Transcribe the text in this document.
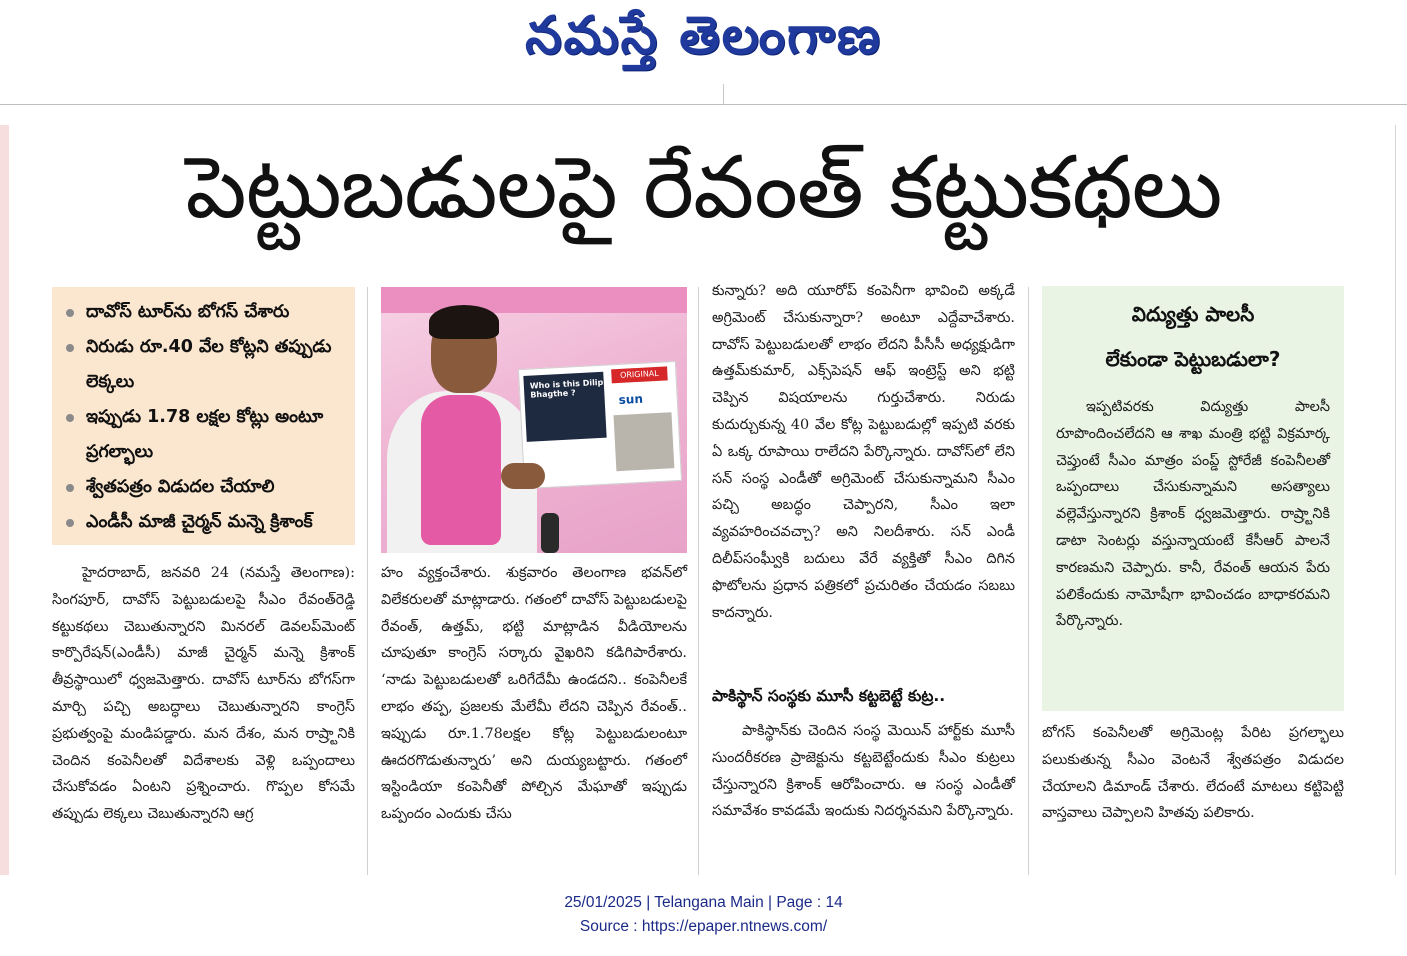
నమస్తే తెలంగాణ
పెట్టుబడులపై రేవంత్ కట్టుకథలు
దావోస్ టూర్‌ను బోగస్ చేశారు
నిరుడు రూ.40 వేల కోట్లని తప్పుడు లెక్కలు
ఇప్పుడు 1.78 లక్షల కోట్లు అంటూ ప్రగల్భాలు
శ్వేతపత్రం విడుదల చేయాలి
ఎండీసీ మాజీ చైర్మన్ మన్నె క్రిశాంక్

హైదరాబాద్, జనవరి 24 (నమస్తే తెలంగాణ): సింగపూర్, దావోస్ పెట్టుబడులపై సీఎం రేవంత్‌రెడ్డి కట్టుకథలు చెబుతున్నారని మినరల్ డెవలప్‌మెంట్ కార్పొరేషన్(ఎండీసీ) మాజీ చైర్మన్ మన్నె క్రిశాంక్ తీవ్రస్థాయిలో ధ్వజమెత్తారు. దావోస్ టూర్‌ను బోగస్‌గా మార్చి పచ్చి అబద్ధాలు చెబుతున్నారని కాంగ్రెస్ ప్రభుత్వంపై మండిపడ్డారు. మన దేశం, మన రాష్ర్టానికి చెందిన కంపెనీలతో విదేశాలకు వెళ్లి ఒప్పందాలు చేసుకోవడం ఏంటని ప్రశ్నించారు. గొప్పల కోసమే తప్పుడు లెక్కలు చెబుతున్నారని ఆగ్ర

Who is this Dilip Bhagthe ?
ORIGINAL
sun

హం వ్యక్తంచేశారు. శుక్రవారం తెలంగాణ భవన్‌లో విలేకరులతో మాట్లాడారు. గతంలో దావోస్ పెట్టుబడులపై రేవంత్, ఉత్తమ్, భట్టి మాట్లాడిన వీడియోలను చూపుతూ కాంగ్రెస్ సర్కారు వైఖరిని కడిగిపారేశారు. ‘నాడు పెట్టుబడులతో ఒరిగేదేమీ ఉండదని.. కంపెనీలకే లాభం తప్ప, ప్రజలకు మేలేమీ లేదని చెప్పిన రేవంత్.. ఇప్పుడు రూ.1.78లక్షల కోట్ల పెట్టుబడులంటూ ఊదరగొడుతున్నారు’ అని దుయ్యబట్టారు. గతంలో ఇస్టిండియా కంపెనీతో పోల్చిన మేఘాతో ఇప్పుడు ఒప్పందం ఎందుకు చేసు

కున్నారు? అది యూరోప్ కంపెనీగా భావించి అక్కడే అగ్రిమెంట్ చేసుకున్నారా? అంటూ ఎద్దేవాచేశారు. దావోస్ పెట్టుబడులతో లాభం లేదని పీసీసీ అధ్యక్షుడిగా ఉత్తమ్‌కుమార్, ఎక్స్‌పెషన్ ఆఫ్ ఇంట్రెస్ట్ అని భట్టి చెప్పిన విషయాలను గుర్తుచేశారు. నిరుడు కుదుర్చుకున్న 40 వేల కోట్ల పెట్టుబడుల్లో ఇప్పటి వరకు ఏ ఒక్క రూపాయి రాలేదని పేర్కొన్నారు. దావోస్‌లో లేని సన్ సంస్థ ఎండీతో అగ్రిమెంట్ చేసుకున్నామని సీఎం పచ్చి అబద్ధం చెప్పారని, సీఎం ఇలా వ్యవహరించవచ్చా? అని నిలదీశారు. సన్ ఎండీ దిలీప్‌సంఘ్వీకి బదులు వేరే వ్యక్తితో సీఎం దిగిన ఫొటోలను ప్రధాన పత్రికలో ప్రచురితం చేయడం సబబు కాదన్నారు.

పాకిస్థాన్ సంస్థకు మూసీ కట్టబెట్టే కుట్ర..

పాకిస్థాన్‌కు చెందిన సంస్థ మెయిన్ హార్ట్‌కు మూసీ సుందరీకరణ ప్రాజెక్టును కట్టబెట్టేందుకు సీఎం కుట్రలు చేస్తున్నారని క్రిశాంక్ ఆరోపించారు. ఆ సంస్థ ఎండీతో సమావేశం కావడమే ఇందుకు నిదర్శనమని పేర్కొన్నారు.

విద్యుత్తు పాలసీ
లేకుండా పెట్టుబడులా?
ఇప్పటివరకు విద్యుత్తు పాలసీ రూపొందించలేదని ఆ శాఖ మంత్రి భట్టి విక్రమార్క చెప్తుంటే సీఎం మాత్రం పంప్డ్ స్టోరేజీ కంపెనీలతో ఒప్పందాలు చేసుకున్నామని అసత్యాలు వల్లెవేస్తున్నారని క్రిశాంక్ ధ్వజమెత్తారు. రాష్ర్టానికి డాటా సెంటర్లు వస్తున్నాయంటే కేసీఆర్ పాలనే కారణమని చెప్పారు. కానీ, రేవంత్ ఆయన పేరు పలికేందుకు నామోషీగా భావించడం బాధాకరమని పేర్కొన్నారు.

బోగస్ కంపెనీలతో అగ్రిమెంట్ల పేరిట ప్రగల్భాలు పలుకుతున్న సీఎం వెంటనే శ్వేతపత్రం విడుదల చేయాలని డిమాండ్ చేశారు. లేదంటే మాటలు కట్టిపెట్టి వాస్తవాలు చెప్పాలని హితవు పలికారు.

25/01/2025 | Telangana Main | Page : 14
Source : https://epaper.ntnews.com/
